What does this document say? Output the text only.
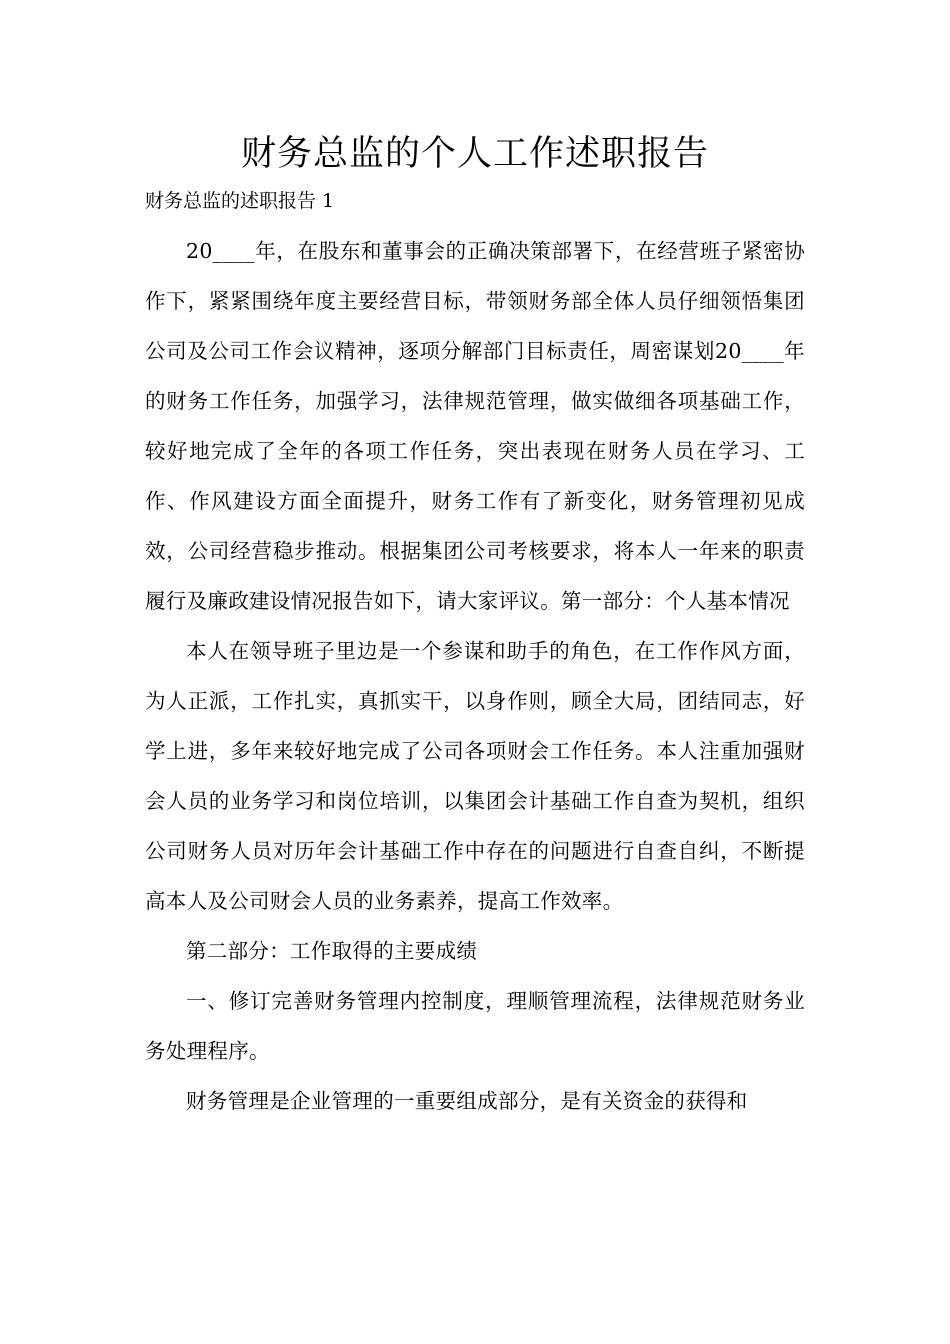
财务总监的个人工作述职报告

财务总监的述职报告 1

20____年，在股东和董事会的正确决策部署下，在经营班子紧密协作下，紧紧围绕年度主要经营目标，带领财务部全体人员仔细领悟集团公司及公司工作会议精神，逐项分解部门目标责任，周密谋划20____年的财务工作任务，加强学习，法律规范管理，做实做细各项基础工作，较好地完成了全年的各项工作任务，突出表现在财务人员在学习、工作、作风建设方面全面提升，财务工作有了新变化，财务管理初见成效，公司经营稳步推动。根据集团公司考核要求，将本人一年来的职责履行及廉政建设情况报告如下，请大家评议。第一部分：个人基本情况

本人在领导班子里边是一个参谋和助手的角色，在工作作风方面，为人正派，工作扎实，真抓实干，以身作则，顾全大局，团结同志，好学上进，多年来较好地完成了公司各项财会工作任务。本人注重加强财会人员的业务学习和岗位培训，以集团会计基础工作自查为契机，组织公司财务人员对历年会计基础工作中存在的问题进行自查自纠，不断提高本人及公司财会人员的业务素养，提高工作效率。

第二部分：工作取得的主要成绩

一、修订完善财务管理内控制度，理顺管理流程，法律规范财务业务处理程序。

财务管理是企业管理的一重要组成部分，是有关资金的获得和
